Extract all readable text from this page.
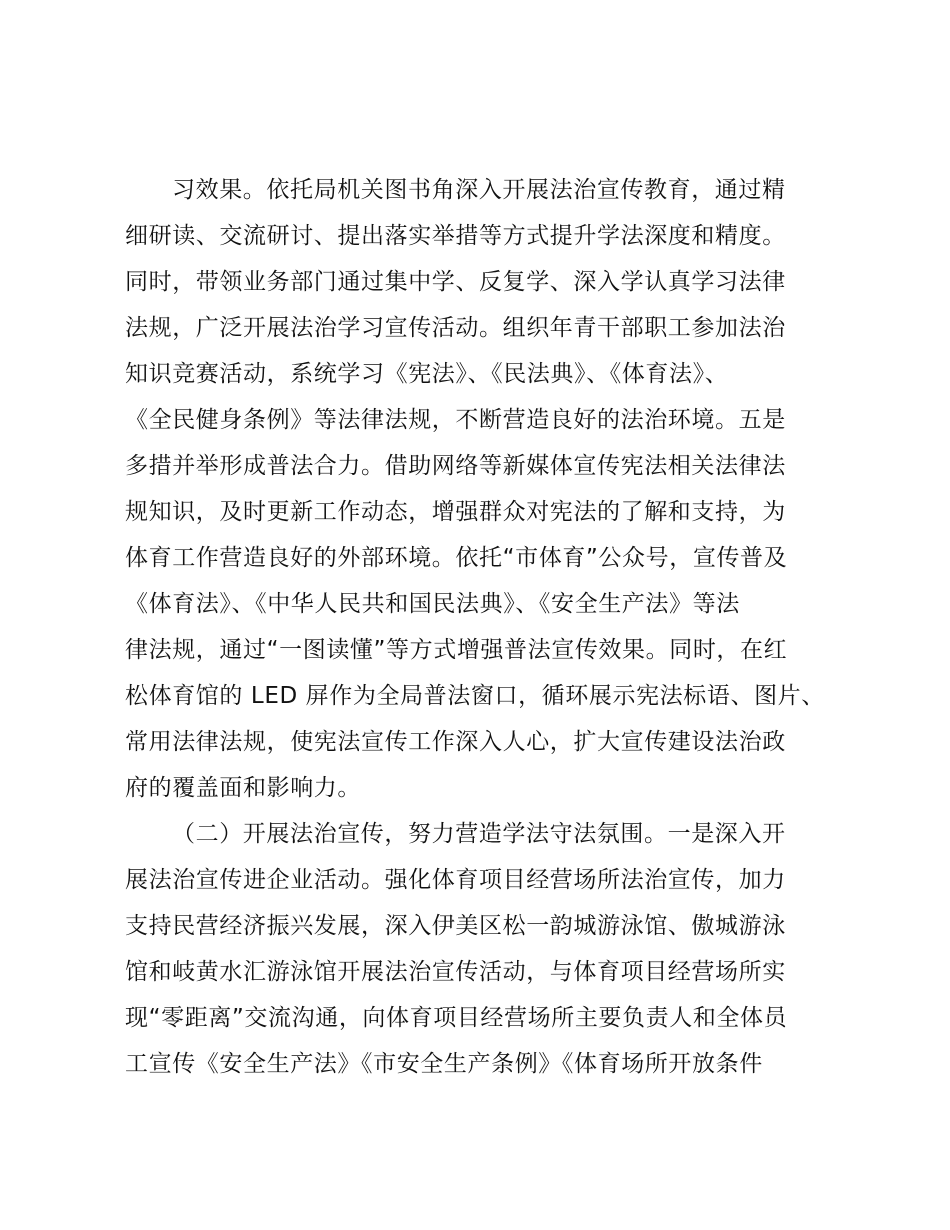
习效果。依托局机关图书角深入开展法治宣传教育，通过精
细研读、交流研讨、提出落实举措等方式提升学法深度和精度。
同时，带领业务部门通过集中学、反复学、深入学认真学习法律
法规，广泛开展法治学习宣传活动。组织年青干部职工参加法治
知识竞赛活动，系统学习《宪法》、《民法典》、《体育法》、
《全民健身条例》等法律法规，不断营造良好的法治环境。五是
多措并举形成普法合力。借助网络等新媒体宣传宪法相关法律法
规知识，及时更新工作动态，增强群众对宪法的了解和支持，为
体育工作营造良好的外部环境。依托“市体育”公众号，宣传普及
《体育法》、《中华人民共和国民法典》、《安全生产法》等法
律法规，通过“一图读懂”等方式增强普法宣传效果。同时，在红
松体育馆的 LED 屏作为全局普法窗口，循环展示宪法标语、图片、
常用法律法规，使宪法宣传工作深入人心，扩大宣传建设法治政
府的覆盖面和影响力。
（二）开展法治宣传，努力营造学法守法氛围。一是深入开
展法治宣传进企业活动。强化体育项目经营场所法治宣传，加力
支持民营经济振兴发展，深入伊美区松一韵城游泳馆、傲城游泳
馆和岐黄水汇游泳馆开展法治宣传活动，与体育项目经营场所实
现“零距离”交流沟通，向体育项目经营场所主要负责人和全体员
工宣传《安全生产法》《市安全生产条例》《体育场所开放条件
